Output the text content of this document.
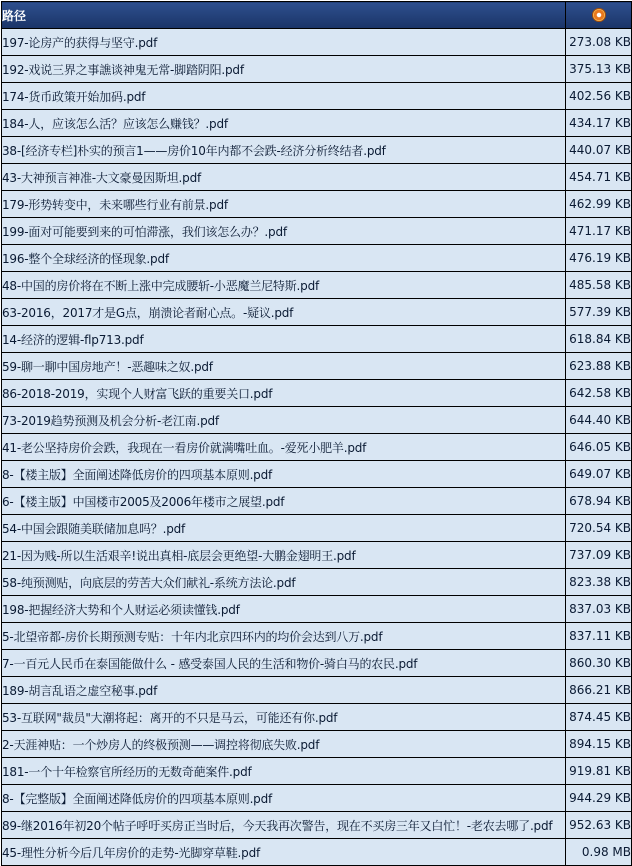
路径	
197-论房产的获得与坚守.pdf	273.08 KB
192-戏说三界之事譙谈神鬼无常-脚踏阴阳.pdf	375.13 KB
174-货币政策开始加码.pdf	402.56 KB
184-人，应该怎么活？应该怎么赚钱？.pdf	434.17 KB
38-[经济专栏]朴实的预言1——房价10年内都不会跌-经济分析终结者.pdf	440.07 KB
43-大神预言神准-大文豪曼因斯坦.pdf	454.71 KB
179-形势转变中，未来哪些行业有前景.pdf	462.99 KB
199-面对可能要到来的可怕滞涨，我们该怎么办？.pdf	471.17 KB
196-整个全球经济的怪现象.pdf	476.19 KB
48-中国的房价将在不断上涨中完成腰斩-小恶魔兰尼特斯.pdf	485.58 KB
63-2016，2017才是G点，崩溃论者耐心点。-疑议.pdf	577.39 KB
14-经济的逻辑-flp713.pdf	618.84 KB
59-聊一聊中国房地产！-恶趣味之奴.pdf	623.88 KB
86-2018-2019，实现个人财富飞跃的重要关口.pdf	642.58 KB
73-2019趋势预测及机会分析-老江南.pdf	644.40 KB
41-老公坚持房价会跌，我现在一看房价就满嘴吐血。-爱死小肥羊.pdf	646.05 KB
8-【楼主版】全面阐述降低房价的四项基本原则.pdf	649.07 KB
6-【楼主版】中国楼市2005及2006年楼市之展望.pdf	678.94 KB
54-中国会跟随美联储加息吗？.pdf	720.54 KB
21-因为贱-所以生活艰辛!说出真相-底层会更绝望-大鹏金翅明王.pdf	737.09 KB
58-纯预测贴，向底层的劳苦大众们献礼-系统方法论.pdf	823.38 KB
198-把握经济大势和个人财运必须读懂钱.pdf	837.03 KB
5-北望帝都-房价长期预测专贴：十年内北京四环内的均价会达到八万.pdf	837.11 KB
7-一百元人民币在泰国能做什么 - 感受泰国人民的生活和物价-骑白马的农民.pdf	860.30 KB
189-胡言乱语之虚空秘事.pdf	866.21 KB
53-互联网"裁员"大潮将起：离开的不只是马云，可能还有你.pdf	874.45 KB
2-天涯神贴：一个炒房人的终极预测——调控将彻底失败.pdf	894.15 KB
181-一个十年检察官所经历的无数奇葩案件.pdf	919.81 KB
8-【完整版】全面阐述降低房价的四项基本原则.pdf	944.29 KB
89-继2016年初20个帖子呼吁买房正当时后，今天我再次警告，现在不买房三年又白忙！-老农去哪了.pdf	952.63 KB
45-理性分析今后几年房价的走势-光脚穿草鞋.pdf	0.98 MB
